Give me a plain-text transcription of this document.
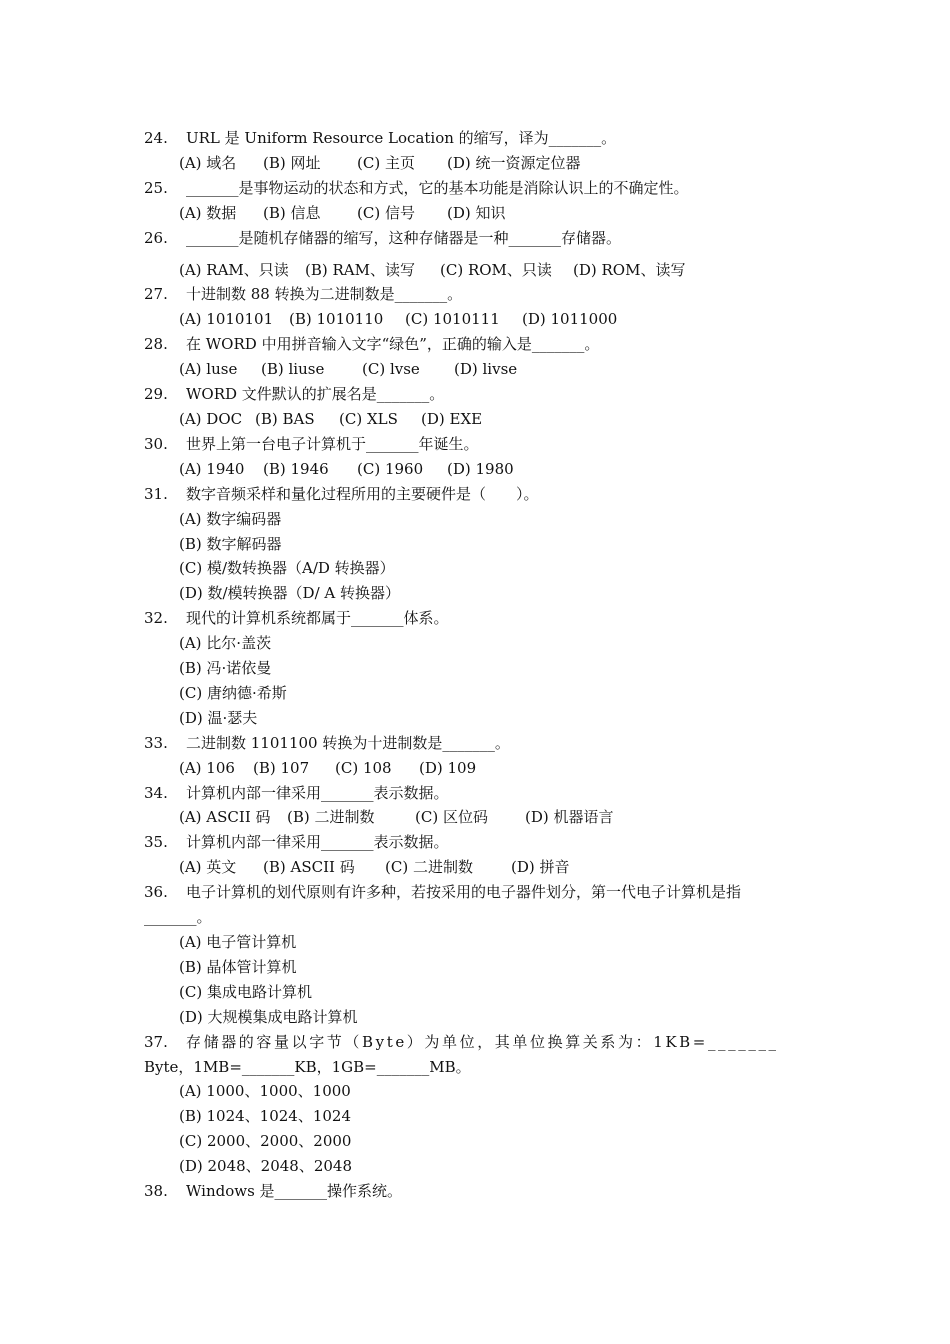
24. URL 是 Uniform Resource Location 的缩写，译为_______。
(A) 域名 (B) 网址 (C) 主页 (D) 统一资源定位器
25. _______是事物运动的状态和方式，它的基本功能是消除认识上的不确定性。
(A) 数据 (B) 信息 (C) 信号 (D) 知识
26. _______是随机存储器的缩写，这种存储器是一种_______存储器。
(A) RAM、只读 (B) RAM、读写 (C) ROM、只读 (D) ROM、读写
27. 十进制数 88 转换为二进制数是_______。
(A) 1010101 (B) 1010110 (C) 1010111 (D) 1011000
28. 在 WORD 中用拼音输入文字“绿色”，正确的输入是_______。
(A) luse (B) liuse	(C) lvse (D) livse
29. WORD 文件默认的扩展名是_______。
(A) DOC (B) BAS (C) XLS (D) EXE
30. 世界上第一台电子计算机于_______年诞生。
(A) 1940 (B) 1946 (C) 1960 (D) 1980
31. 数字音频采样和量化过程所用的主要硬件是（　　）。
(A) 数字编码器
(B) 数字解码器
(C) 模/数转换器（A/D 转换器）
(D) 数/模转换器（D/ A 转换器）
32. 现代的计算机系统都属于_______体系。
(A) 比尔·盖茨
(B) 冯·诺依曼
(C) 唐纳德·希斯
(D) 温·瑟夫
33. 二进制数 1101100 转换为十进制数是_______。
(A) 106 (B) 107 (C) 108 (D) 109
34. 计算机内部一律采用_______表示数据。
(A) ASCII 码 (B) 二进制数	(C) 区位码 (D) 机器语言
35. 计算机内部一律采用_______表示数据。
(A) 英文 (B) ASCII 码 (C) 二进制数	(D) 拼音
36. 电子计算机的划代原则有许多种，若按采用的电子器件划分，第一代电子计算机是指
_______。
(A) 电子管计算机
(B) 晶体管计算机
(C) 集成电路计算机
(D) 大规模集成电路计算机
37. 存储器的容量以字节（Byte）为单位，其单位换算关系为：1KB=_______
Byte，1MB=_______KB，1GB=_______MB。
(A) 1000、1000、1000
(B) 1024、1024、1024
(C) 2000、2000、2000
(D) 2048、2048、2048
38. Windows 是_______操作系统。
